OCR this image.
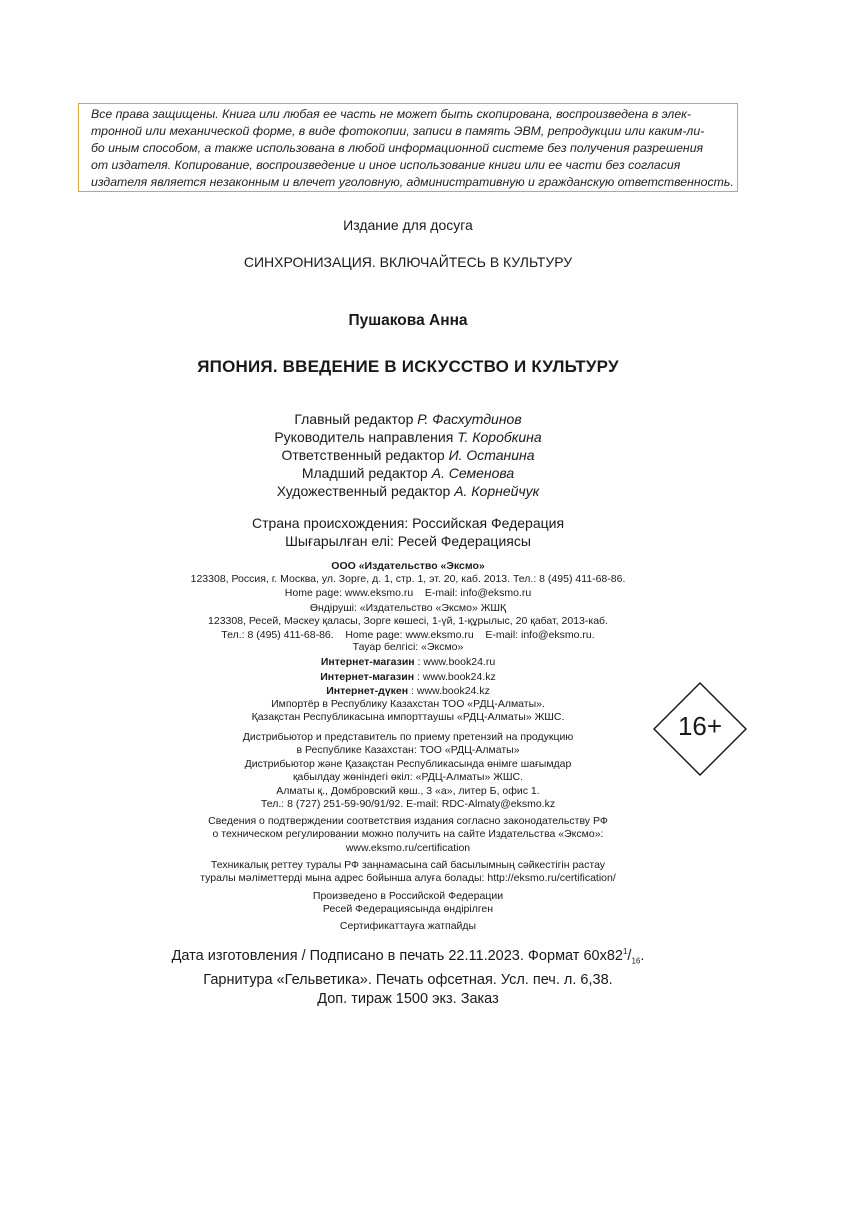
Все права защищены. Книга или любая ее часть не может быть скопирована, воспроизведена в элек-
тронной или механической форме, в виде фотокопии, записи в память ЭВМ, репродукции или каким-ли-
бо иным способом, а также использована в любой информационной системе без получения разрешения
от издателя. Копирование, воспроизведение и иное использование книги или ее части без согласия
издателя является незаконным и влечет уголовную, административную и гражданскую ответственность.
Издание для досуга
СИНХРОНИЗАЦИЯ. ВКЛЮЧАЙТЕСЬ В КУЛЬТУРУ
Пушакова Анна
ЯПОНИЯ. ВВЕДЕНИЕ В ИСКУССТВО И КУЛЬТУРУ
Главный редактор Р. Фасхутдинов
Руководитель направления Т. Коробкина
Ответственный редактор И. Останина
Младший редактор А. Семенова
Художественный редактор А. Корнейчук
Страна происхождения: Российская Федерация
Шығарылған елі: Ресей Федерациясы
ООО «Издательство «Эксмо»
123308, Россия, г. Москва, ул. Зорге, д. 1, стр. 1, эт. 20, каб. 2013. Тел.: 8 (495) 411-68-86.
Home page: www.eksmo.ru    E-mail: info@eksmo.ru
Өндіруші: «Издательство «Эксмо» ЖШҚ
123308, Ресей, Мәскеу қаласы, Зорге көшесі, 1-үй, 1-құрылыс, 20 қабат, 2013-каб.
Тел.: 8 (495) 411-68-86.    Home page: www.eksmo.ru    E-mail: info@eksmo.ru.
Тауар белгісі: «Эксмо»
Интернет-магазин : www.book24.ru
Интернет-магазин : www.book24.kz
Интернет-дүкен : www.book24.kz
Импортёр в Республику Казахстан ТОО «РДЦ-Алматы».
Қазақстан Республикасына импорттаушы «РДЦ-Алматы» ЖШС.
Дистрибьютор и представитель по приему претензий на продукцию
в Республике Казахстан: ТОО «РДЦ-Алматы»
Дистрибьютор және Қазақстан Республикасында өнімге шағымдар
қабылдау жөніндегі өкіл: «РДЦ-Алматы» ЖШС.
Алматы қ., Домбровский көш., 3 «а», литер Б, офис 1.
Тел.: 8 (727) 251-59-90/91/92. E-mail: RDC-Almaty@eksmo.kz
Сведения о подтверждении соответствия издания согласно законодательству РФ
о техническом регулировании можно получить на сайте Издательства «Эксмо»:
www.eksmo.ru/certification
Техникалық реттеу туралы РФ заңнамасына сай басылымның сәйкестігін растау
туралы мәліметтерді мына адрес бойынша алуға болады: http://eksmo.ru/certification/
Произведено в Российской Федерации
Ресей Федерациясында өндірілген
Сертификаттауға жатпайды
Дата изготовления / Подписано в печать 22.11.2023. Формат $60x82^1/_{16}$.
Гарнитура «Гельветика». Печать офсетная. Усл. печ. л. 6,38.
Доп. тираж 1500 экз. Заказ
16+
